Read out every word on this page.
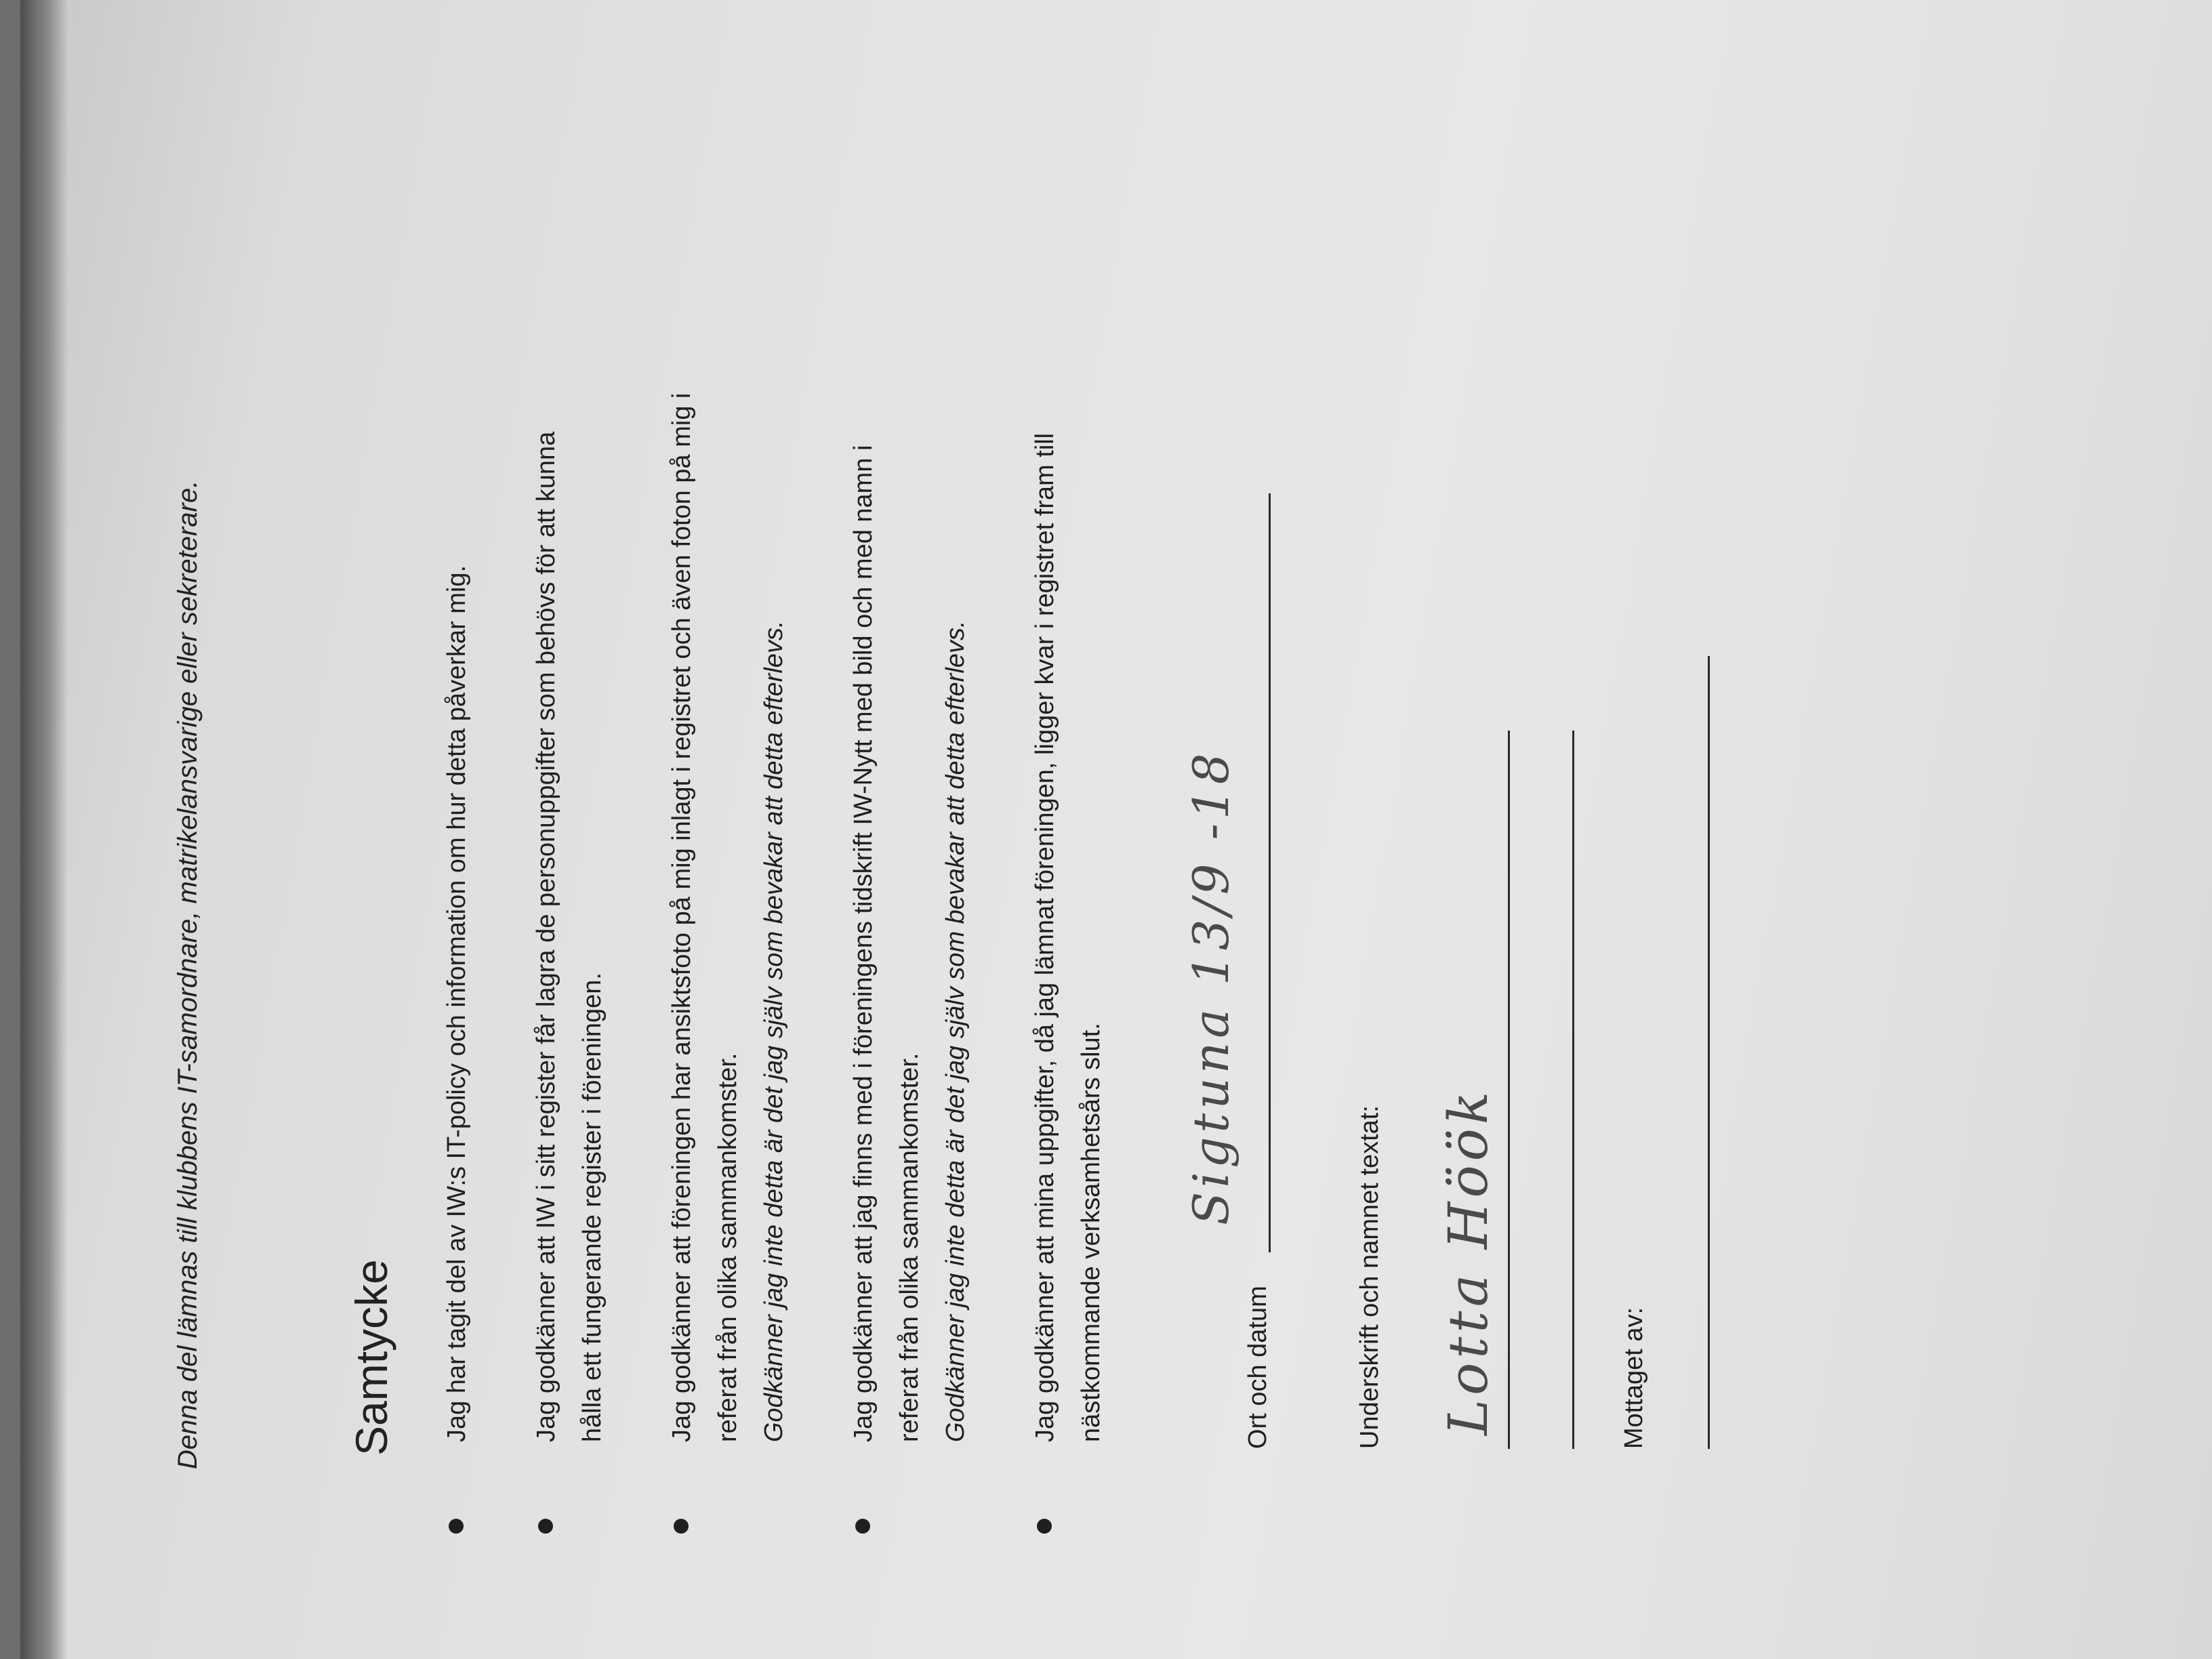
Denna del lämnas till klubbens IT-samordnare, matrikelansvarige eller sekreterare.	Samtycke	Jag har tagit del av IW:s IT-policy och information om hur detta påverkar mig.	Jag godkänner att IW i sitt register får lagra de personuppgifter som behövs för att kunna hålla ett fungerande register i föreningen.	Jag godkänner att föreningen har ansiktsfoto på mig inlagt i registret och även foton på mig i referat från olika sammankomster. Godkänner jag inte detta är det jag själv som bevakar att detta efterlevs.	Jag godkänner att jag finns med i föreningens tidskrift IW-Nytt med bild och med namn i referat från olika sammankomster. Godkänner jag inte detta är det jag själv som bevakar att detta efterlevs.	Jag godkänner att mina uppgifter, då jag lämnat föreningen, ligger kvar i registret fram till nästkommande verksamhetsårs slut.	Ort och datum
Sigtuna 13/9 -18
Underskrift och namnet textat: Lotta Höök	Mottaget av:
